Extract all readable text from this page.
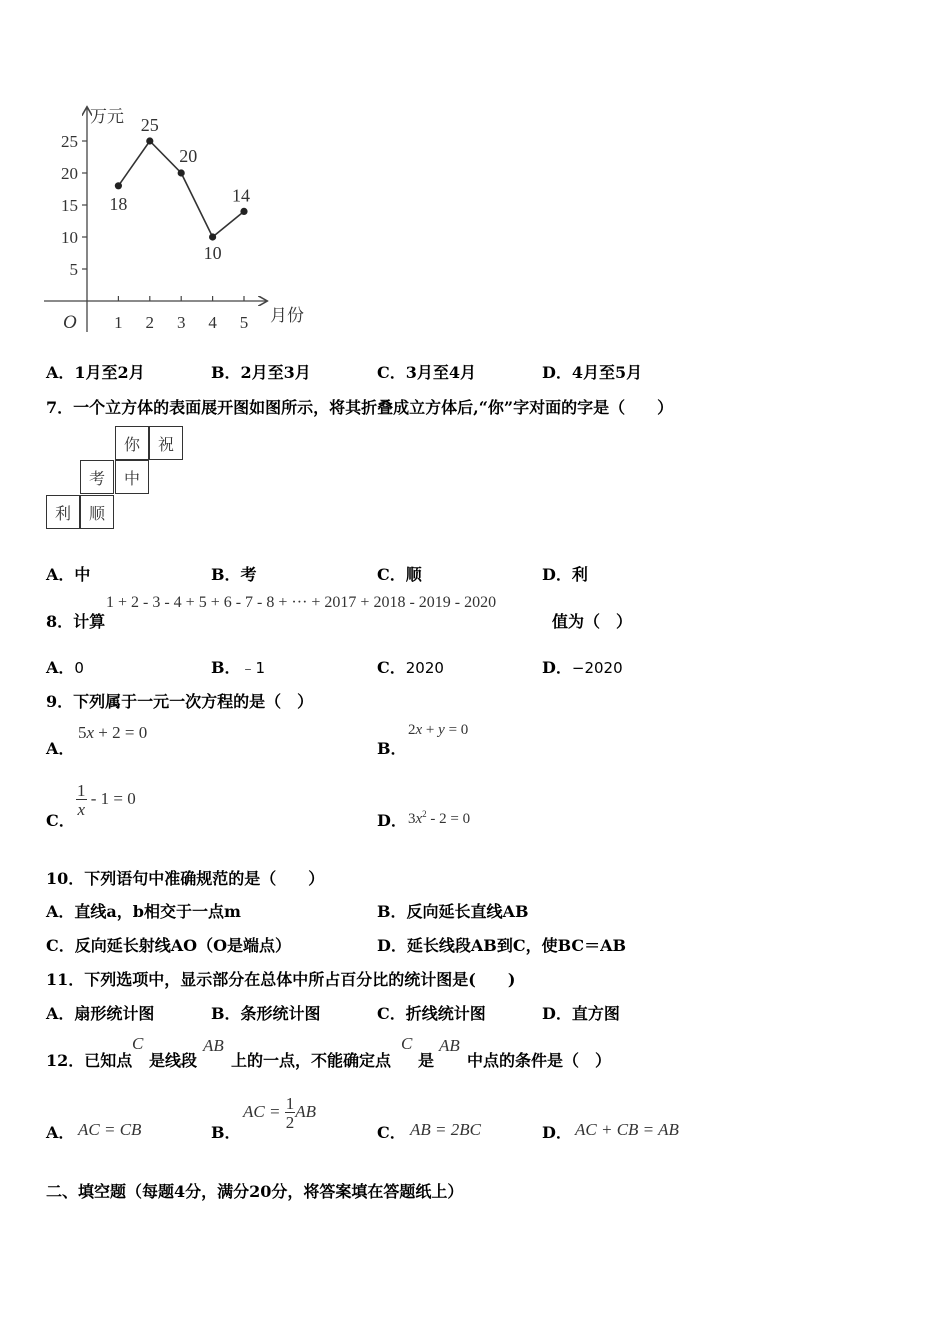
万元
月份
O
25
20
15
10
5
1 2 3 4 5
18
25
20
10
14
A．1月至2月	B．2月至3月	C．3月至4月	D．4月至5月
7．一个立方体的表面展开图如图所示，将其折叠成立方体后,“你”字对面的字是（　　）
你	祝
考	中
利	顺
A．中	B．考	C．顺	D．利
8．计算
1 + 2 - 3 - 4 + 5 + 6 - 7 - 8 + ··· + 2017 + 2018 - 2019 - 2020
值为（　）
A．0	B．﹣1	C．2020	D．−2020
9．下列属于一元一次方程的是（　）
A．
5x + 2 = 0
B．
2x + y = 0
C．
$\frac{1}{x} - 1 = 0$
D． $3x^2 - 2 = 0$
10．下列语句中准确规范的是（　　）
A．直线a，b相交于一点m	B．反向延长直线AB
C．反向延长射线AO（O是端点）	D．延长线段AB到C，使BC＝AB
11．下列选项中，显示部分在总体中所占百分比的统计图是(　　)
A．扇形统计图	B．条形统计图	C．折线统计图	D．直方图
12．已知点
C
是线段
AB
上的一点，不能确定点
C
是
AB
中点的条件是（　）
A． AC = CB	B．
AC = $\frac{1}{2}$ AB
C． AB = 2BC	D． AC + CB = AB
二、填空题（每题4分，满分20分，将答案填在答题纸上）
